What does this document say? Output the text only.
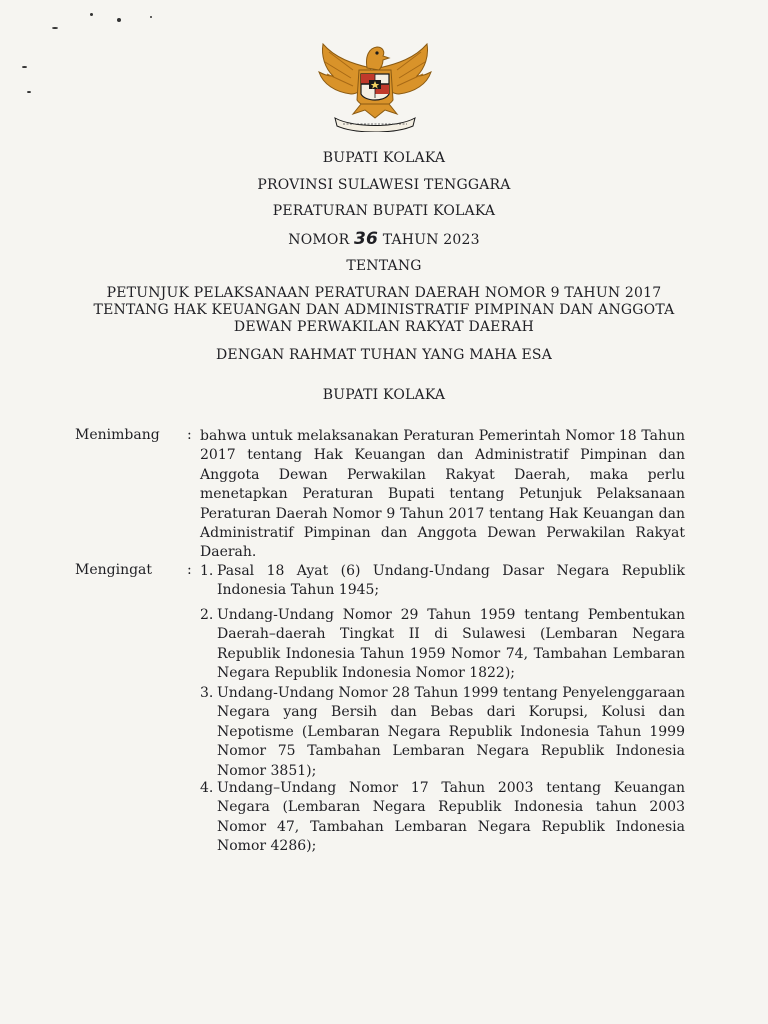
BUPATI KOLAKA
PROVINSI SULAWESI TENGGARA
PERATURAN BUPATI KOLAKA
NOMOR 36 TAHUN 2023
TENTANG
PETUNJUK PELAKSANAAN PERATURAN DAERAH NOMOR 9 TAHUN 2017
TENTANG HAK KEUANGAN DAN ADMINISTRATIF PIMPINAN DAN ANGGOTA
DEWAN PERWAKILAN RAKYAT DAERAH
DENGAN RAHMAT TUHAN YANG MAHA ESA
BUPATI KOLAKA
Menimbang : bahwa untuk melaksanakan Peraturan Pemerintah Nomor 18 Tahun 2017 tentang Hak Keuangan dan Administratif Pimpinan dan Anggota Dewan Perwakilan Rakyat Daerah, maka perlu menetapkan Peraturan Bupati tentang Petunjuk Pelaksanaan Peraturan Daerah Nomor 9 Tahun 2017 tentang Hak Keuangan dan Administratif Pimpinan dan Anggota Dewan Perwakilan Rakyat Daerah.
Mengingat : 1. Pasal 18 Ayat (6) Undang-Undang Dasar Negara Republik Indonesia Tahun 1945;
2. Undang-Undang Nomor 29 Tahun 1959 tentang Pembentukan Daerah–daerah Tingkat II di Sulawesi (Lembaran Negara Republik Indonesia Tahun 1959 Nomor 74, Tambahan Lembaran Negara Republik Indonesia Nomor 1822);
3. Undang-Undang Nomor 28 Tahun 1999 tentang Penyelenggaraan Negara yang Bersih dan Bebas dari Korupsi, Kolusi dan Nepotisme (Lembaran Negara Republik Indonesia Tahun 1999 Nomor 75 Tambahan Lembaran Negara Republik Indonesia Nomor 3851);
4. Undang–Undang Nomor 17 Tahun 2003 tentang Keuangan Negara (Lembaran Negara Republik Indonesia tahun 2003 Nomor 47, Tambahan Lembaran Negara Republik Indonesia Nomor 4286);
